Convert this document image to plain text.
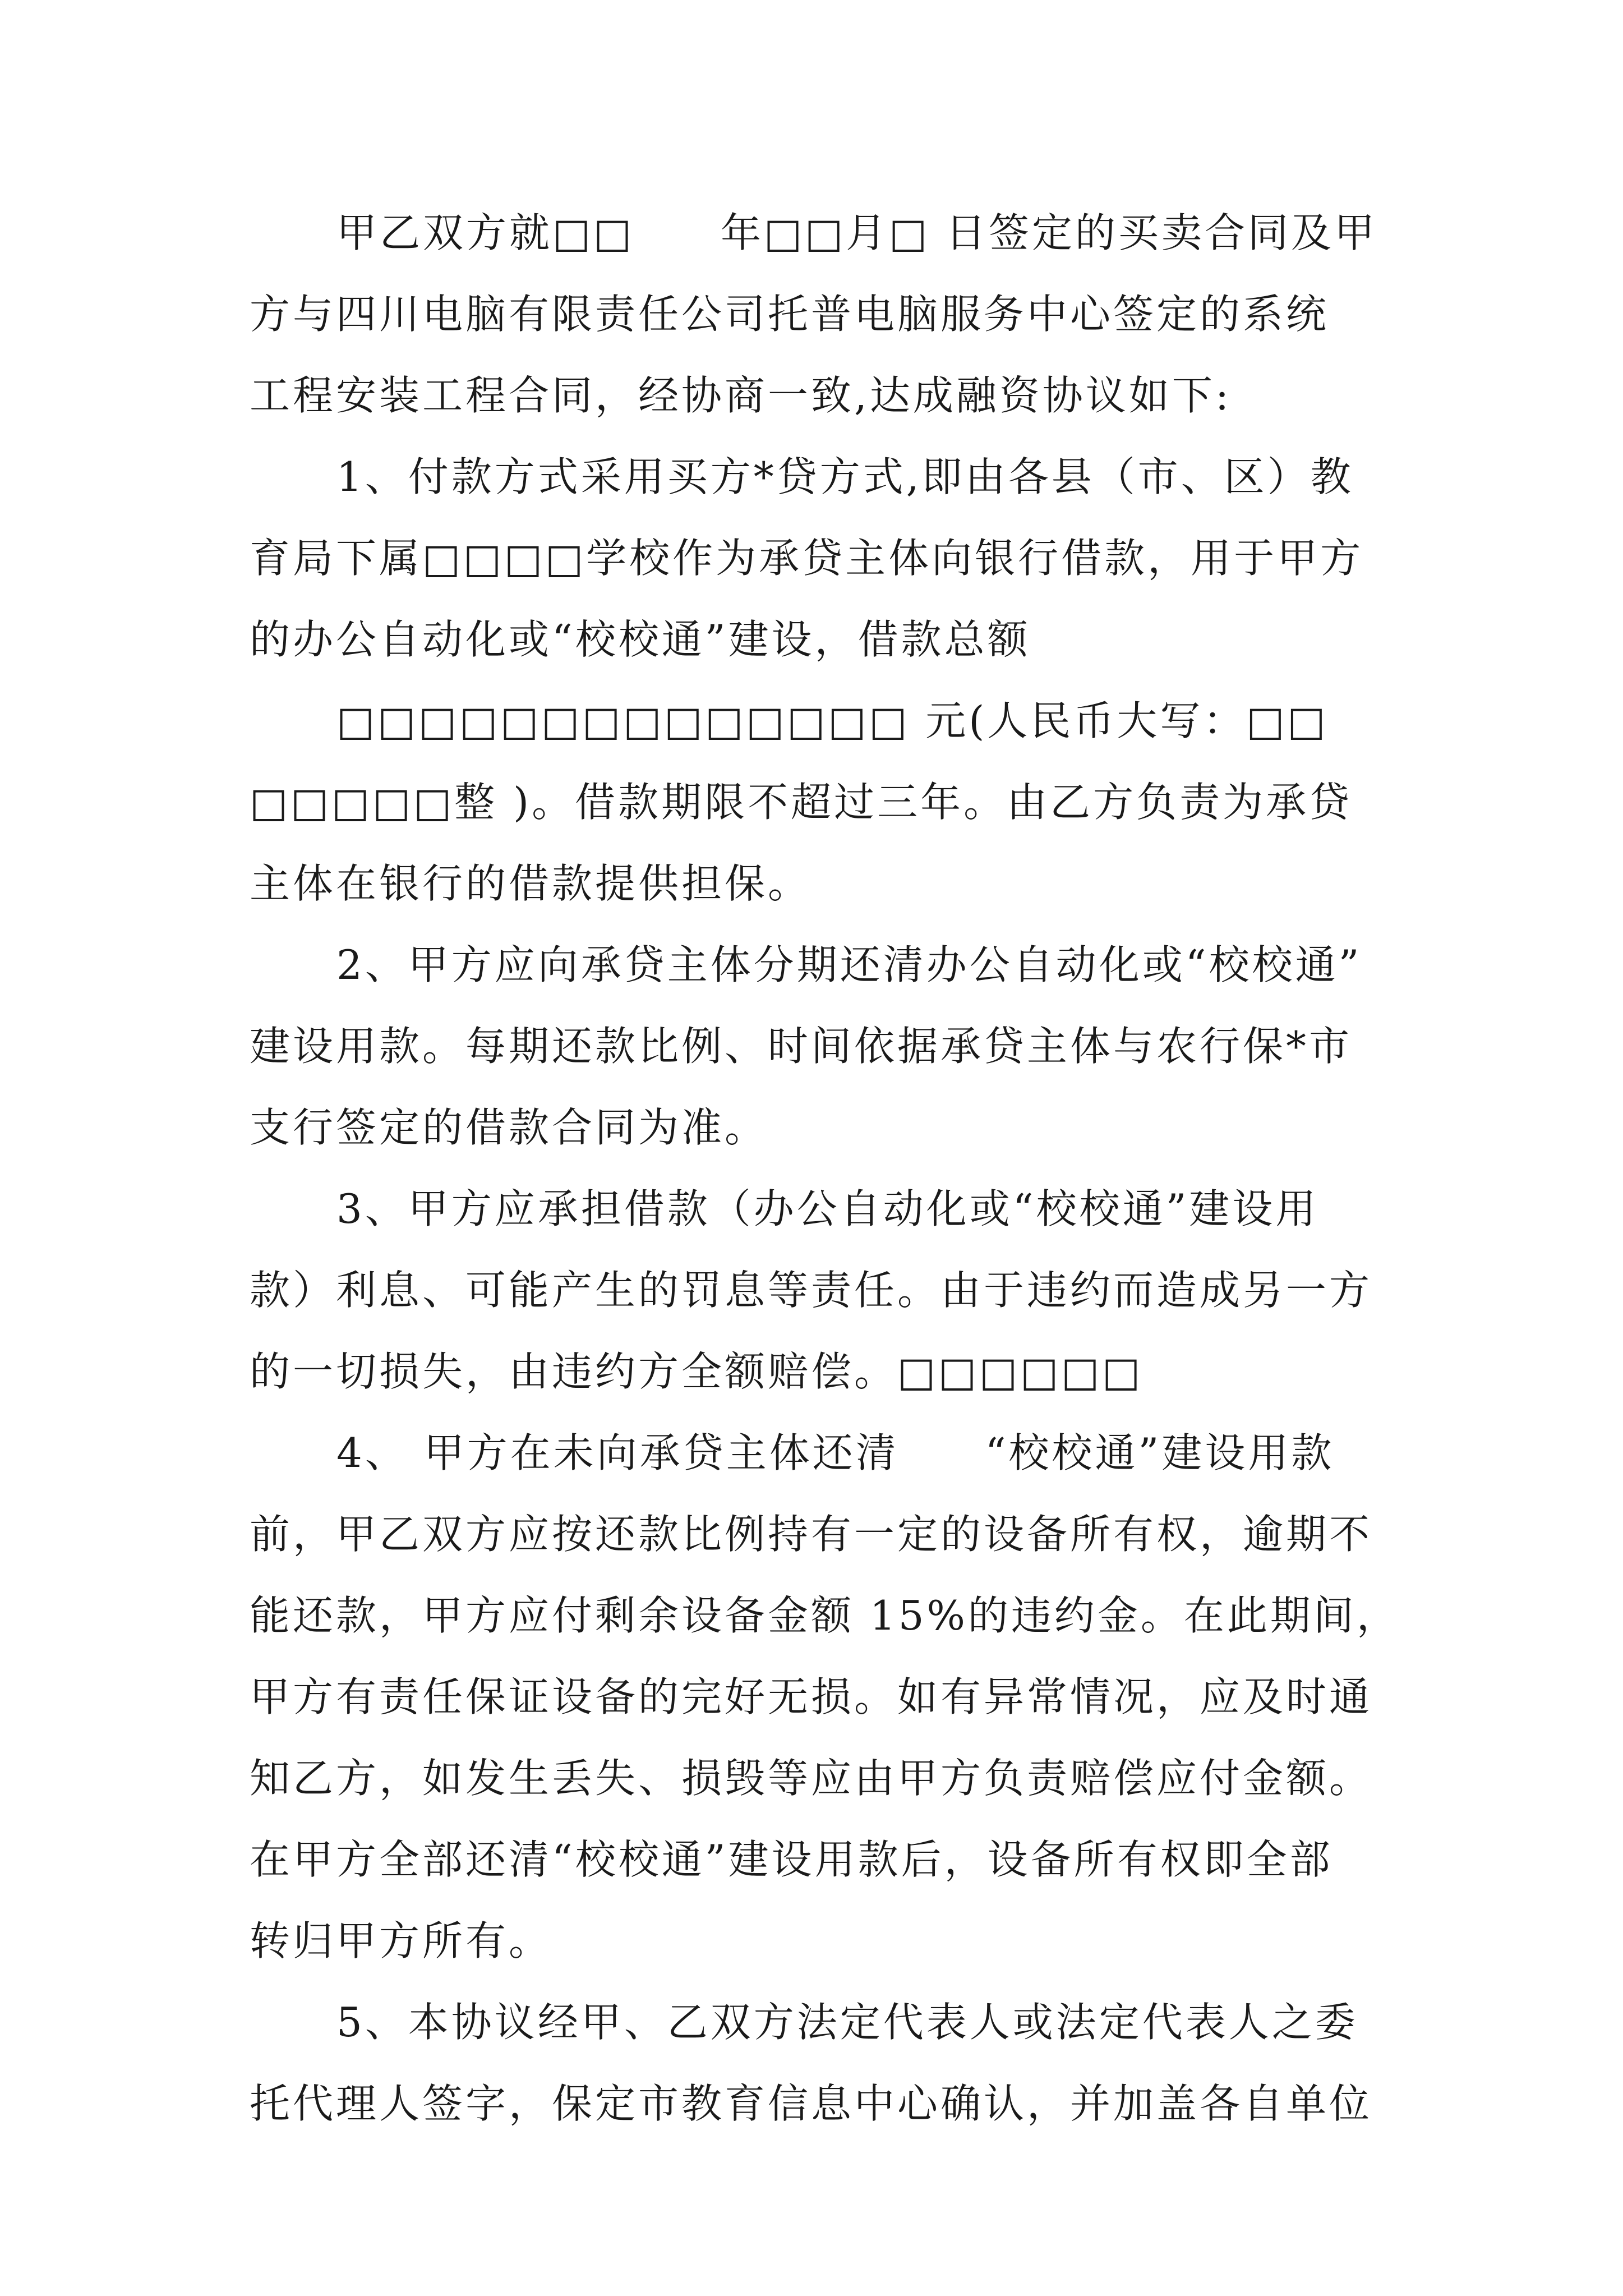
甲乙双方就□□　　年□□月□ 日签定的买卖合同及甲
方与四川电脑有限责任公司托普电脑服务中心签定的系统
工程安装工程合同，经协商一致,达成融资协议如下:
1、付款方式采用买方*贷方式,即由各县（市、区）教
育局下属□□□□学校作为承贷主体向银行借款，用于甲方
的办公自动化或“校校通”建设，借款总额
□□□□□□□□□□□□□□ 元(人民币大写：□□
□□□□□整 )。借款期限不超过三年。由乙方负责为承贷
主体在银行的借款提供担保。
2、甲方应向承贷主体分期还清办公自动化或“校校通”
建设用款。每期还款比例、时间依据承贷主体与农行保*市
支行签定的借款合同为准。
3、甲方应承担借款（办公自动化或“校校通”建设用
款）利息、可能产生的罚息等责任。由于违约而造成另一方
的一切损失，由违约方全额赔偿。□□□□□□
4、 甲方在未向承贷主体还清　　“校校通”建设用款
前，甲乙双方应按还款比例持有一定的设备所有权，逾期不
能还款，甲方应付剩余设备金额 15%的违约金。在此期间，
甲方有责任保证设备的完好无损。如有异常情况，应及时通
知乙方，如发生丢失、损毁等应由甲方负责赔偿应付金额。
在甲方全部还清“校校通”建设用款后，设备所有权即全部
转归甲方所有。
5、本协议经甲、乙双方法定代表人或法定代表人之委
托代理人签字，保定市教育信息中心确认，并加盖各自单位
